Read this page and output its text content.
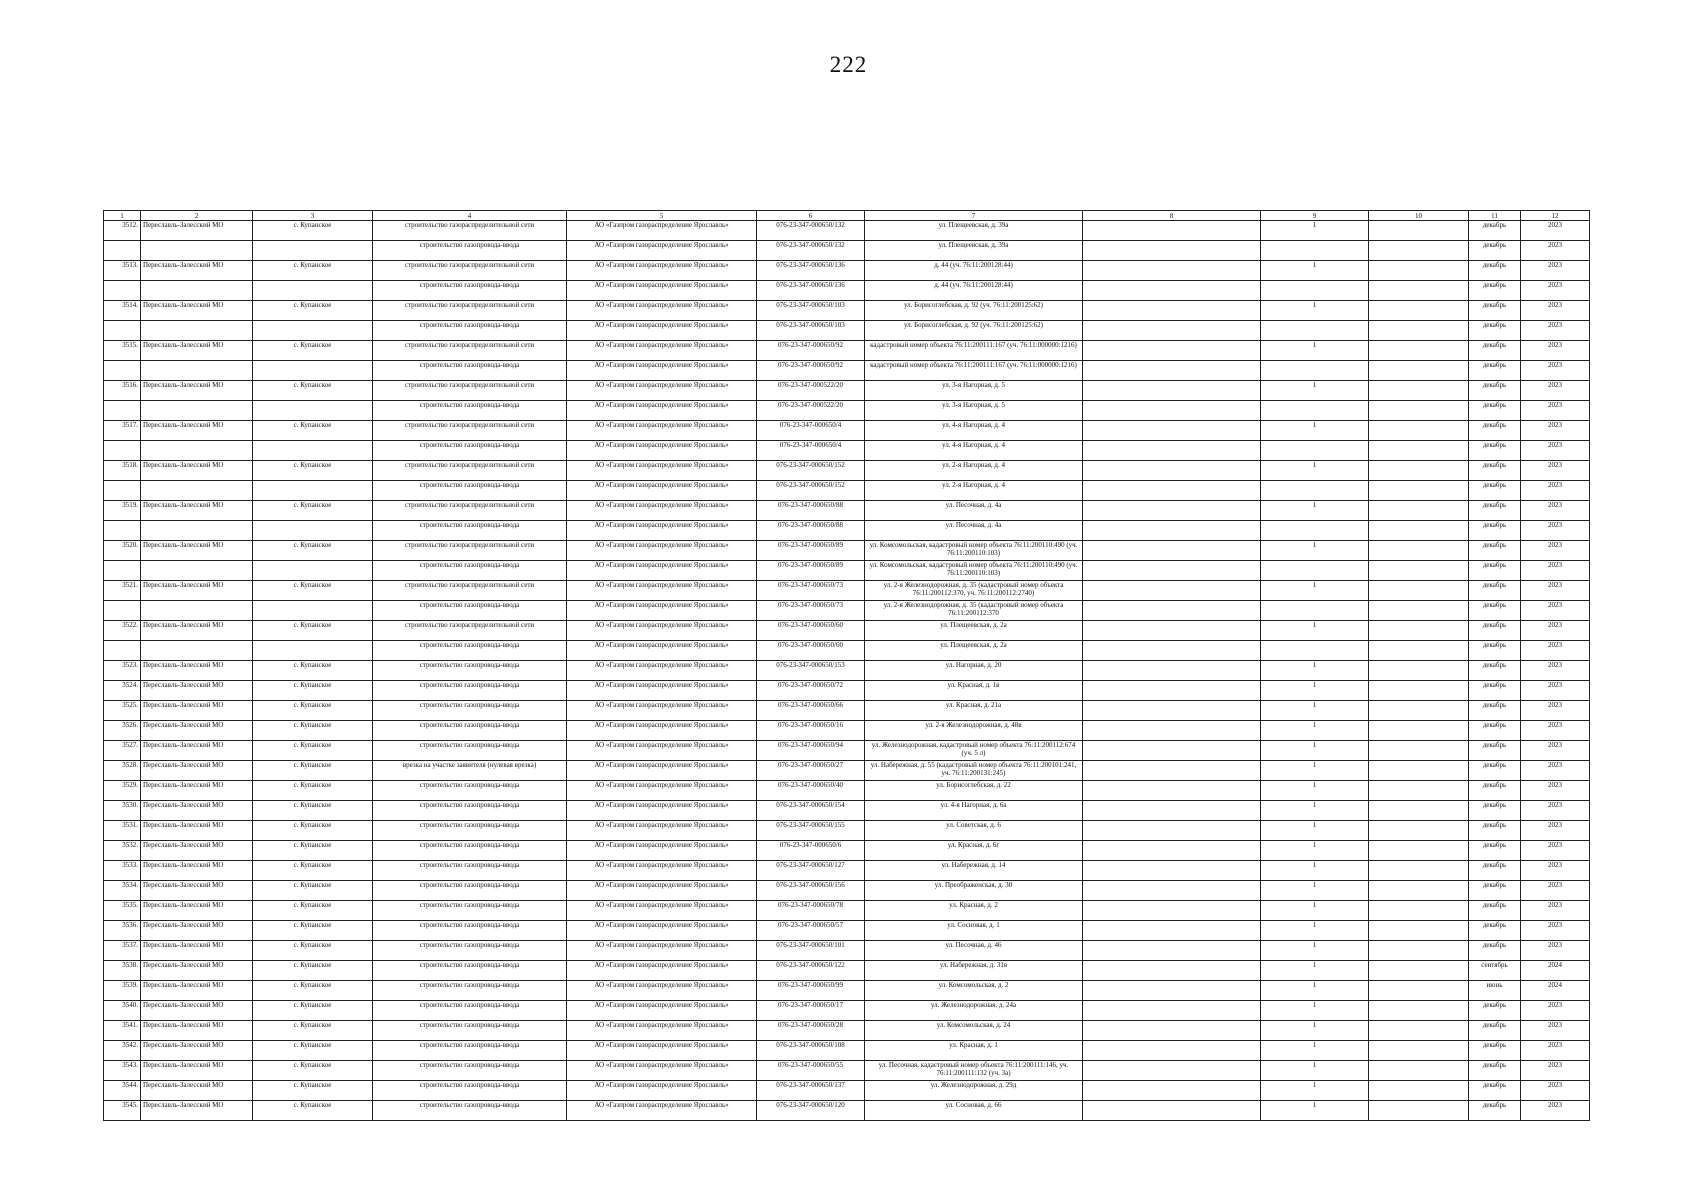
222
1	2	3	4	5	6	7	8	9	10	11	12
3512.	Переславль-Залесский МО	с. Купанское	строительство газораспределительной сети	АО «Газпром газораспределение Ярославль»	076-23-347-000650/132	ул. Плещеевская, д. 39а		1		декабрь	2023
			строительство газопровода-ввода	АО «Газпром газораспределение Ярославль»	076-23-347-000650/132	ул. Плещеевская, д. 39а				декабрь	2023
3513.	Переславль-Залесский МО	с. Купанское	строительство газораспределительной сети	АО «Газпром газораспределение Ярославль»	076-23-347-000650/136	д. 44 (уч. 76:11:200128:44)		1		декабрь	2023
			строительство газопровода-ввода	АО «Газпром газораспределение Ярославль»	076-23-347-000650/136	д. 44 (уч. 76:11:200128:44)				декабрь	2023
3514.	Переславль-Залесский МО	с. Купанское	строительство газораспределительной сети	АО «Газпром газораспределение Ярославль»	076-23-347-000650/103	ул. Борисоглебская, д. 92 (уч. 76:11:200125:62)		1		декабрь	2023
			строительство газопровода-ввода	АО «Газпром газораспределение Ярославль»	076-23-347-000650/103	ул. Борисоглебская, д. 92 (уч. 76:11:200125:62)				декабрь	2023
3515.	Переславль-Залесский МО	с. Купанское	строительство газораспределительной сети	АО «Газпром газораспределение Ярославль»	076-23-347-000650/92	кадастровый номер объекта 76:11:200111:167 (уч. 76:11:000000:1216)		1		декабрь	2023
			строительство газопровода-ввода	АО «Газпром газораспределение Ярославль»	076-23-347-000650/92	кадастровый номер объекта 76:11:200111:167 (уч. 76:11:000000:1216)				декабрь	2023
3516.	Переславль-Залесский МО	с. Купанское	строительство газораспределительной сети	АО «Газпром газораспределение Ярославль»	076-23-347-000522/20	ул. 3-я Нагорная, д. 5		1		декабрь	2023
			строительство газопровода-ввода	АО «Газпром газораспределение Ярославль»	076-23-347-000522/20	ул. 3-я Нагорная, д. 5				декабрь	2023
3517.	Переславль-Залесский МО	с. Купанское	строительство газораспределительной сети	АО «Газпром газораспределение Ярославль»	076-23-347-000650/4	ул. 4-я Нагорная, д. 4		1		декабрь	2023
			строительство газопровода-ввода	АО «Газпром газораспределение Ярославль»	076-23-347-000650/4	ул. 4-я Нагорная, д. 4				декабрь	2023
3518.	Переславль-Залесский МО	с. Купанское	строительство газораспределительной сети	АО «Газпром газораспределение Ярославль»	076-23-347-000650/152	ул. 2-я Нагорная, д. 4		1		декабрь	2023
			строительство газопровода-ввода	АО «Газпром газораспределение Ярославль»	076-23-347-000650/152	ул. 2-я Нагорная, д. 4				декабрь	2023
3519.	Переславль-Залесский МО	с. Купанское	строительство газораспределительной сети	АО «Газпром газораспределение Ярославль»	076-23-347-000650/88	ул. Песочная, д. 4а		1		декабрь	2023
			строительство газопровода-ввода	АО «Газпром газораспределение Ярославль»	076-23-347-000650/88	ул. Песочная, д. 4а				декабрь	2023
3520.	Переславль-Залесский МО	с. Купанское	строительство газораспределительной сети	АО «Газпром газораспределение Ярославль»	076-23-347-000650/89	ул. Комсомольская, кадастровый номер объекта 76:11:200110:490 (уч. 76:11:200110:103)		1		декабрь	2023
			строительство газопровода-ввода	АО «Газпром газораспределение Ярославль»	076-23-347-000650/89	ул. Комсомольская, кадастровый номер объекта 76:11:200110:490 (уч. 76:11:200110:103)				декабрь	2023
3521.	Переславль-Залесский МО	с. Купанское	строительство газораспределительной сети	АО «Газпром газораспределение Ярославль»	076-23-347-000650/73	ул. 2-я Железнодорожная, д. 35 (кадастровый номер объекта 76:11:200112:370, уч. 76:11:200112:2740)		1		декабрь	2023
			строительство газопровода-ввода	АО «Газпром газораспределение Ярославль»	076-23-347-000650/73	ул. 2-я Железнодорожная, д. 35 (кадастровый номер объекта 76:11:200112:370				декабрь	2023
3522.	Переславль-Залесский МО	с. Купанское	строительство газораспределительной сети	АО «Газпром газораспределение Ярославль»	076-23-347-000650/60	ул. Плещеевская, д. 2а		1		декабрь	2023
			строительство газопровода-ввода	АО «Газпром газораспределение Ярославль»	076-23-347-000650/60	ул. Плещеевская, д. 2а				декабрь	2023
3523.	Переславль-Залесский МО	с. Купанское	строительство газопровода-ввода	АО «Газпром газораспределение Ярославль»	076-23-347-000650/153	ул. Нагорная, д. 20		1		декабрь	2023
3524.	Переславль-Залесский МО	с. Купанское	строительство газопровода-ввода	АО «Газпром газораспределение Ярославль»	076-23-347-000650/72	ул. Красная, д. 1в		1		декабрь	2023
3525.	Переславль-Залесский МО	с. Купанское	строительство газопровода-ввода	АО «Газпром газораспределение Ярославль»	076-23-347-000650/66	ул. Красная, д. 21а		1		декабрь	2023
3526.	Переславль-Залесский МО	с. Купанское	строительство газопровода-ввода	АО «Газпром газораспределение Ярославль»	076-23-347-000650/16	ул. 2-я Железнодорожная, д. 48в		1		декабрь	2023
3527.	Переславль-Залесский МО	с. Купанское	строительство газопровода-ввода	АО «Газпром газораспределение Ярославль»	076-23-347-000650/94	ул. Железнодорожная, кадастровый номер объекта 76:11:200112:674 (уч. 5 л)		1		декабрь	2023
3528.	Переславль-Залесский МО	с. Купанское	врезка на участке заявителя (нулевая врезка)	АО «Газпром газораспределение Ярославль»	076-23-347-000650/27	ул. Набережная, д. 55 (кадастровый номер объекта 76:11:200101:241, уч. 76:11:200131:245)		1		декабрь	2023
3529.	Переславль-Залесский МО	с. Купанское	строительство газопровода-ввода	АО «Газпром газораспределение Ярославль»	076-23-347-000650/40	ул. Борисоглебская, д. 22		1		декабрь	2023
3530.	Переславль-Залесский МО	с. Купанское	строительство газопровода-ввода	АО «Газпром газораспределение Ярославль»	076-23-347-000650/154	ул. 4-я Нагорная, д. 6а		1		декабрь	2023
3531.	Переславль-Залесский МО	с. Купанское	строительство газопровода-ввода	АО «Газпром газораспределение Ярославль»	076-23-347-000650/155	ул. Советская, д. 6		1		декабрь	2023
3532.	Переславль-Залесский МО	с. Купанское	строительство газопровода-ввода	АО «Газпром газораспределение Ярославль»	076-23-347-000650/6	ул. Красная, д. 6г		1		декабрь	2023
3533.	Переславль-Залесский МО	с. Купанское	строительство газопровода-ввода	АО «Газпром газораспределение Ярославль»	076-23-347-000650/127	ул. Набережная, д. 14		1		декабрь	2023
3534.	Переславль-Залесский МО	с. Купанское	строительство газопровода-ввода	АО «Газпром газораспределение Ярославль»	076-23-347-000650/156	ул. Преображенская, д. 30		1		декабрь	2023
3535.	Переславль-Залесский МО	с. Купанское	строительство газопровода-ввода	АО «Газпром газораспределение Ярославль»	076-23-347-000650/78	ул. Красная, д. 2		1		декабрь	2023
3536.	Переславль-Залесский МО	с. Купанское	строительство газопровода-ввода	АО «Газпром газораспределение Ярославль»	076-23-347-000650/57	ул. Сосновая, д. 1		1		декабрь	2023
3537.	Переславль-Залесский МО	с. Купанское	строительство газопровода-ввода	АО «Газпром газораспределение Ярославль»	076-23-347-000650/101	ул. Песочная, д. 46		1		декабрь	2023
3538.	Переславль-Залесский МО	с. Купанское	строительство газопровода-ввода	АО «Газпром газораспределение Ярославль»	076-23-347-000650/122	ул. Набережная, д. 31в		1		сентябрь	2024
3539.	Переславль-Залесский МО	с. Купанское	строительство газопровода-ввода	АО «Газпром газораспределение Ярославль»	076-23-347-000650/99	ул. Комсомольская, д. 2		1		июнь	2024
3540.	Переславль-Залесский МО	с. Купанское	строительство газопровода-ввода	АО «Газпром газораспределение Ярославль»	076-23-347-000650/17	ул. Железнодорожная, д. 24а		1		декабрь	2023
3541.	Переславль-Залесский МО	с. Купанское	строительство газопровода-ввода	АО «Газпром газораспределение Ярославль»	076-23-347-000650/28	ул. Комсомольская, д. 24		1		декабрь	2023
3542.	Переславль-Залесский МО	с. Купанское	строительство газопровода-ввода	АО «Газпром газораспределение Ярославль»	076-23-347-000650/108	ул. Красная, д. 1		1		декабрь	2023
3543.	Переславль-Залесский МО	с. Купанское	строительство газопровода-ввода	АО «Газпром газораспределение Ярославль»	076-23-347-000650/55	ул. Песочная, кадастровый номер объекта 76:11:200111:146, уч. 76:11:200111:132 (уч. 3а)		1		декабрь	2023
3544.	Переславль-Залесский МО	с. Купанское	строительство газопровода-ввода	АО «Газпром газораспределение Ярославль»	076-23-347-000650/137	ул. Железнодорожная, д. 29д		1		декабрь	2023
3545.	Переславль-Залесский МО	с. Купанское	строительство газопровода-ввода	АО «Газпром газораспределение Ярославль»	076-23-347-000650/120	ул. Сосновая, д. 66		1		декабрь	2023
